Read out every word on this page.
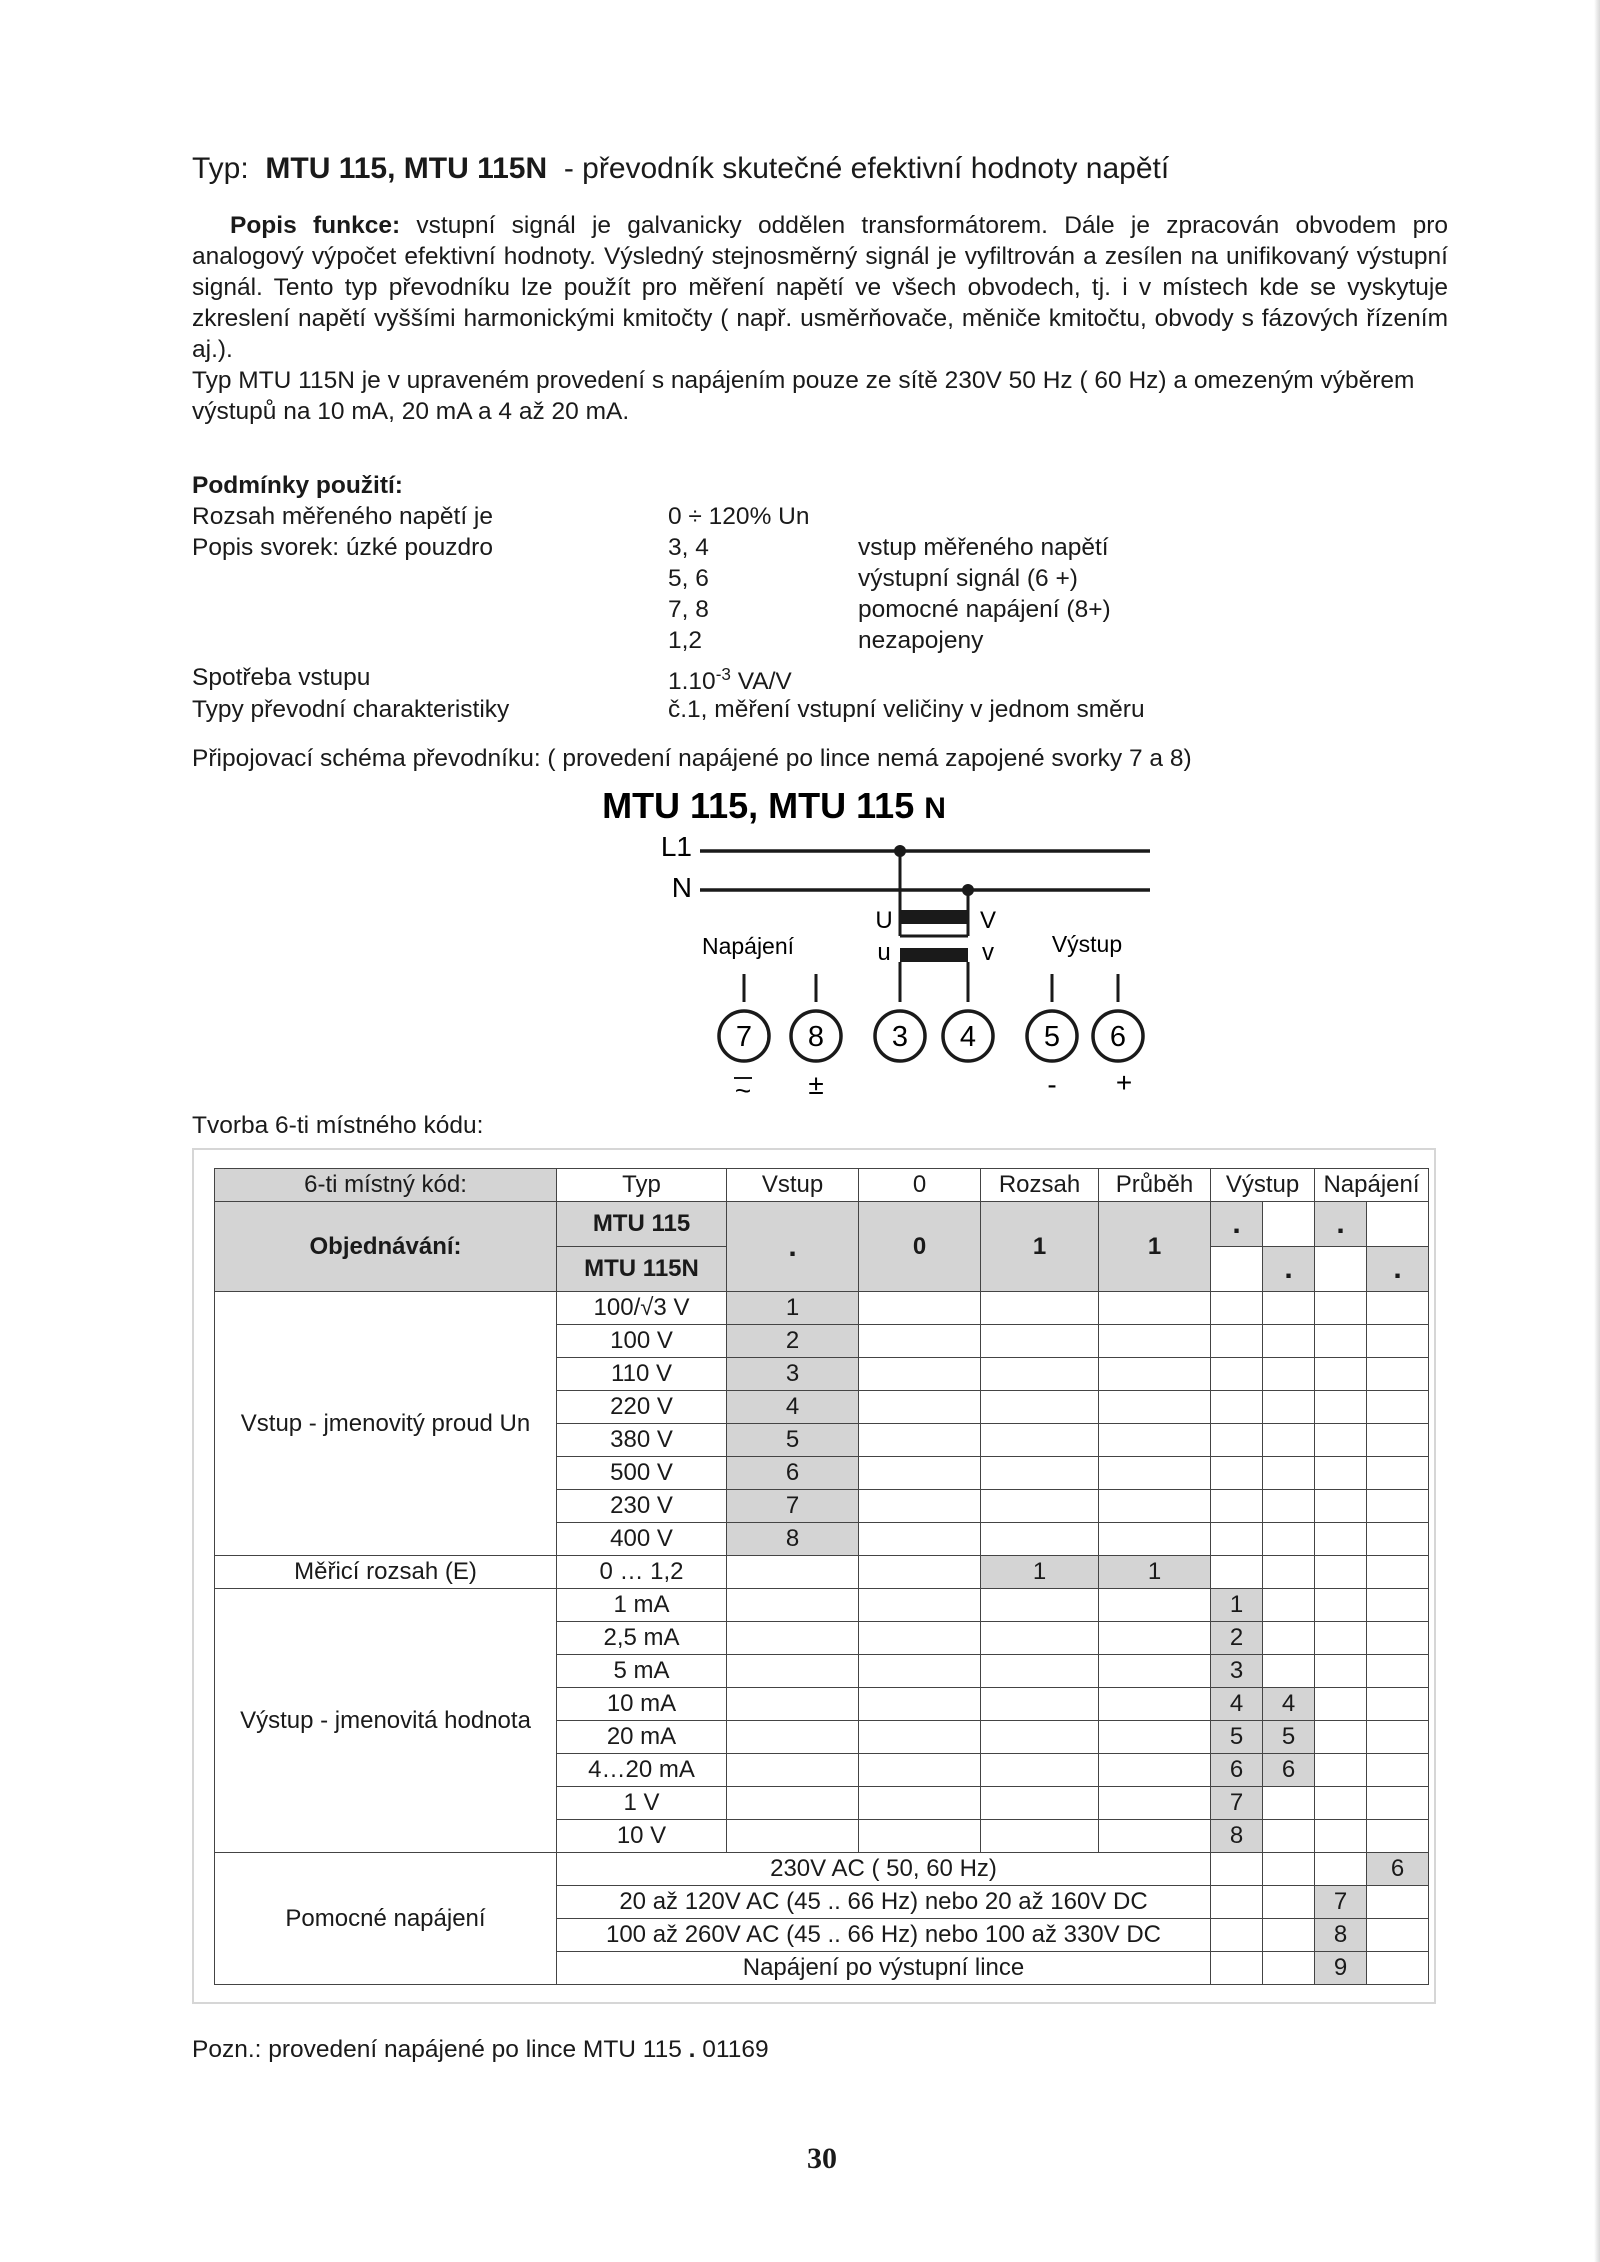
Typ: MTU 115, MTU 115N - převodník skutečné efektivní hodnoty napětí
Popis funkce: vstupní signál je galvanicky oddělen transformátorem. Dále je zpracován obvodem pro analogový výpočet efektivní hodnoty. Výsledný stejnosměrný signál je vyfiltrován a zesílen na unifikovaný výstupní signál. Tento typ převodníku lze použít pro měření napětí ve všech obvodech, tj. i v místech kde se vyskytuje zkreslení napětí vyššími harmonickými kmitočty ( např. usměrňovače, měniče kmitočtu, obvody s fázových řízením aj.).
Typ MTU 115N je v upraveném provedení s napájením pouze ze sítě 230V 50 Hz ( 60 Hz) a omezeným výběrem výstupů na 10 mA, 20 mA a 4 až 20 mA.
Podmínky použití:
Rozsah měřeného napětí je	0 ÷ 120% Un
Popis svorek: úzké pouzdro	3, 4	vstup měřeného napětí
5, 6	výstupní signál (6 +)
7, 8	pomocné napájení (8+)
1,2	nezapojeny
Spotřeba vstupu	$1.10^{-3}$ VA/V
Typy převodní charakteristiky	č.1, měření vstupní veličiny v jednom směru
Připojovací schéma převodníku: ( provedení napájené po lince nemá zapojené svorky 7 a 8)
MTU 115, MTU 115 N
L1
N
U
u
V
v
Napájení	Výstup
7 8 3 4 5 6
~ ±	- +
Tvorba 6-ti místného kódu:
6-ti místný kód:	Typ	Vstup	0	Rozsah	Průběh	Výstup		Napájení	
Objednávání:	MTU 115	.	0	1	1	.		.	
	MTU 115N						.		.
Vstup - jmenovitý proud Un	100/√3 V	1							
	100 V	2							
	110 V	3							
	220 V	4							
	380 V	5							
	500 V	6							
	230 V	7							
	400 V	8							
Měřicí rozsah (E)	0 … 1,2			1	1				
Výstup - jmenovitá hodnota	1 mA					1			
	2,5 mA					2			
	5 mA					3			
	10 mA					4	4		
	20 mA					5	5		
	4…20 mA					6	6		
	1 V					7			
	10 V					8			
Pomocné napájení	230V AC ( 50, 60 Hz)								6
	20 až 120V AC (45 .. 66 Hz) nebo 20 až 160V DC							7	
	100 až 260V AC (45 .. 66 Hz) nebo 100 až 330V DC							8	
	Napájení po výstupní lince							9	
Pozn.: provedení napájené po lince MTU 115 . 01169
30
